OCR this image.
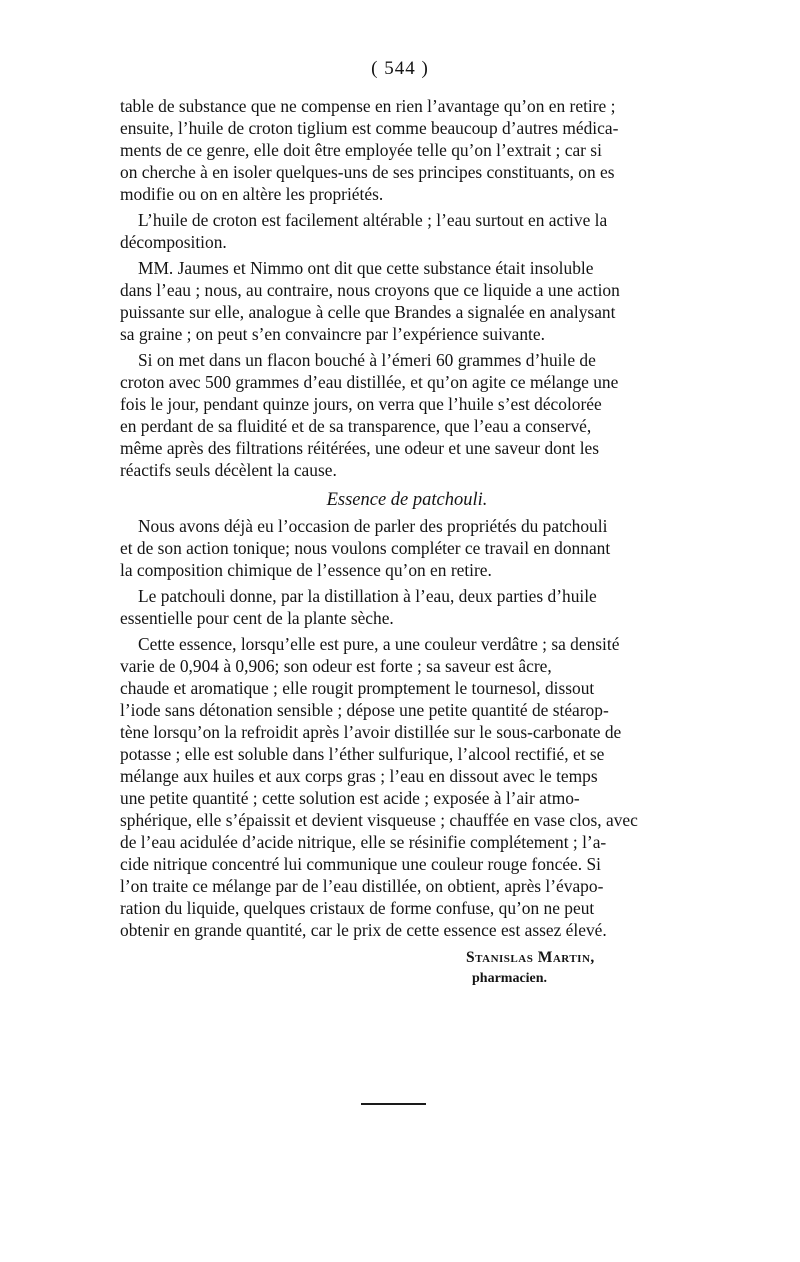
( 544 )

table de substance que ne compense en rien l’avantage qu’on en retire ;
ensuite, l’huile de croton tiglium est comme beaucoup d’autres médica-
ments de ce genre, elle doit être employée telle qu’on l’extrait ; car si
on cherche à en isoler quelques-uns de ses principes constituants, on es
modifie ou on en altère les propriétés.

L’huile de croton est facilement altérable ; l’eau surtout en active la
décomposition.

MM. Jaumes et Nimmo ont dit que cette substance était insoluble
dans l’eau ; nous, au contraire, nous croyons que ce liquide a une action
puissante sur elle, analogue à celle que Brandes a signalée en analysant
sa graine ; on peut s’en convaincre par l’expérience suivante.

Si on met dans un flacon bouché à l’émeri 60 grammes d’huile de
croton avec 500 grammes d’eau distillée, et qu’on agite ce mélange une
fois le jour, pendant quinze jours, on verra que l’huile s’est décolorée
en perdant de sa fluidité et de sa transparence, que l’eau a conservé,
même après des filtrations réitérées, une odeur et une saveur dont les
réactifs seuls décèlent la cause.

Essence de patchouli.

Nous avons déjà eu l’occasion de parler des propriétés du patchouli
et de son action tonique; nous voulons compléter ce travail en donnant
la composition chimique de l’essence qu’on en retire.

Le patchouli donne, par la distillation à l’eau, deux parties d’huile
essentielle pour cent de la plante sèche.

Cette essence, lorsqu’elle est pure, a une couleur verdâtre ; sa densité
varie de 0,904 à 0,906; son odeur est forte ; sa saveur est âcre,
chaude et aromatique ; elle rougit promptement le tournesol, dissout
l’iode sans détonation sensible ; dépose une petite quantité de stéarop-
tène lorsqu’on la refroidit après l’avoir distillée sur le sous-carbonate de
potasse ; elle est soluble dans l’éther sulfurique, l’alcool rectifié, et se
mélange aux huiles et aux corps gras ; l’eau en dissout avec le temps
une petite quantité ; cette solution est acide ; exposée à l’air atmo-
sphérique, elle s’épaissit et devient visqueuse ; chauffée en vase clos, avec
de l’eau acidulée d’acide nitrique, elle se résinifie complétement ; l’a-
cide nitrique concentré lui communique une couleur rouge foncée. Si
l’on traite ce mélange par de l’eau distillée, on obtient, après l’évapo-
ration du liquide, quelques cristaux de forme confuse, qu’on ne peut
obtenir en grande quantité, car le prix de cette essence est assez élevé.

Stanislas Martin,
pharmacien.
